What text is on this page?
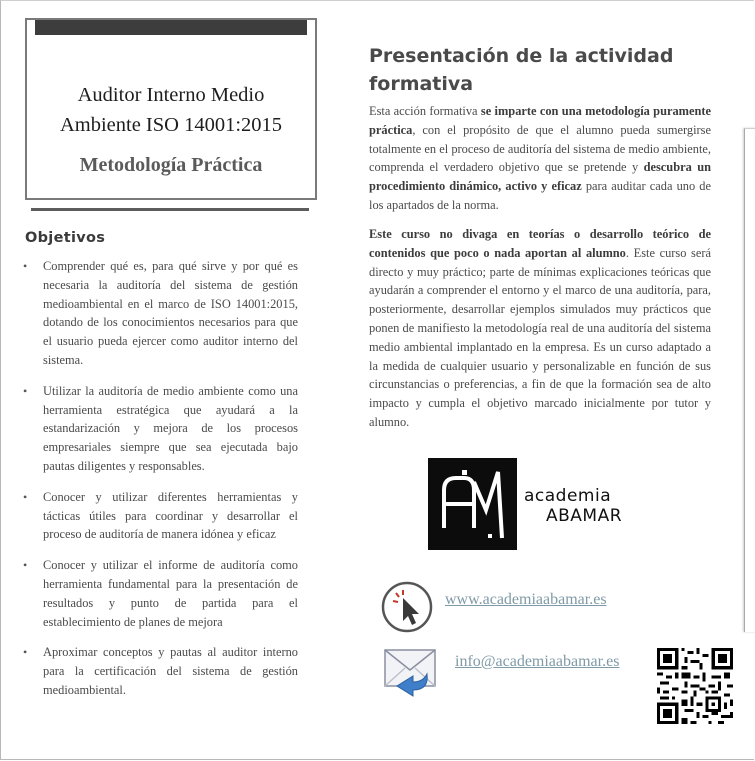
Auditor Interno Medio
Ambiente ISO 14001:2015
Metodología Práctica
Objetivos
• Comprender qué es, para qué sirve y por qué es necesaria la auditoría del sistema de gestión medioambiental en el marco de ISO 14001:2015, dotando de los conocimientos necesarios para que el usuario pueda ejercer como auditor interno del sistema.
• Utilizar la auditoría de medio ambiente como una herramienta estratégica que ayudará a la estandarización y mejora de los procesos empresariales siempre que sea ejecutada bajo pautas diligentes y responsables.
• Conocer y utilizar diferentes herramientas y tácticas útiles para coordinar y desarrollar el proceso de auditoría de manera idónea y eficaz
• Conocer y utilizar el informe de auditoría como herramienta fundamental para la presentación de resultados y punto de partida para el establecimiento de planes de mejora
• Aproximar conceptos y pautas al auditor interno para la certificación del sistema de gestión medioambiental.
Presentación de la actividad formativa

Esta acción formativa se imparte con una metodología puramente práctica, con el propósito de que el alumno pueda sumergirse totalmente en el proceso de auditoría del sistema de medio ambiente, comprenda el verdadero objetivo que se pretende y descubra un procedimiento dinámico, activo y eficaz para auditar cada uno de los apartados de la norma.

Este curso no divaga en teorías o desarrollo teórico de contenidos que poco o nada aportan al alumno. Este curso será directo y muy práctico; parte de mínimas explicaciones teóricas que ayudarán a comprender el entorno y el marco de una auditoría, para, posteriormente, desarrollar ejemplos simulados muy prácticos que ponen de manifiesto la metodología real de una auditoría del sistema medio ambiental implantado en la empresa. Es un curso adaptado a la medida de cualquier usuario y personalizable en función de sus circunstancias o preferencias, a fin de que la formación sea de alto impacto y cumpla el objetivo marcado inicialmente por tutor y alumno.

academia
ABAMAR
www.academiaabamar.es
info@academiaabamar.es
